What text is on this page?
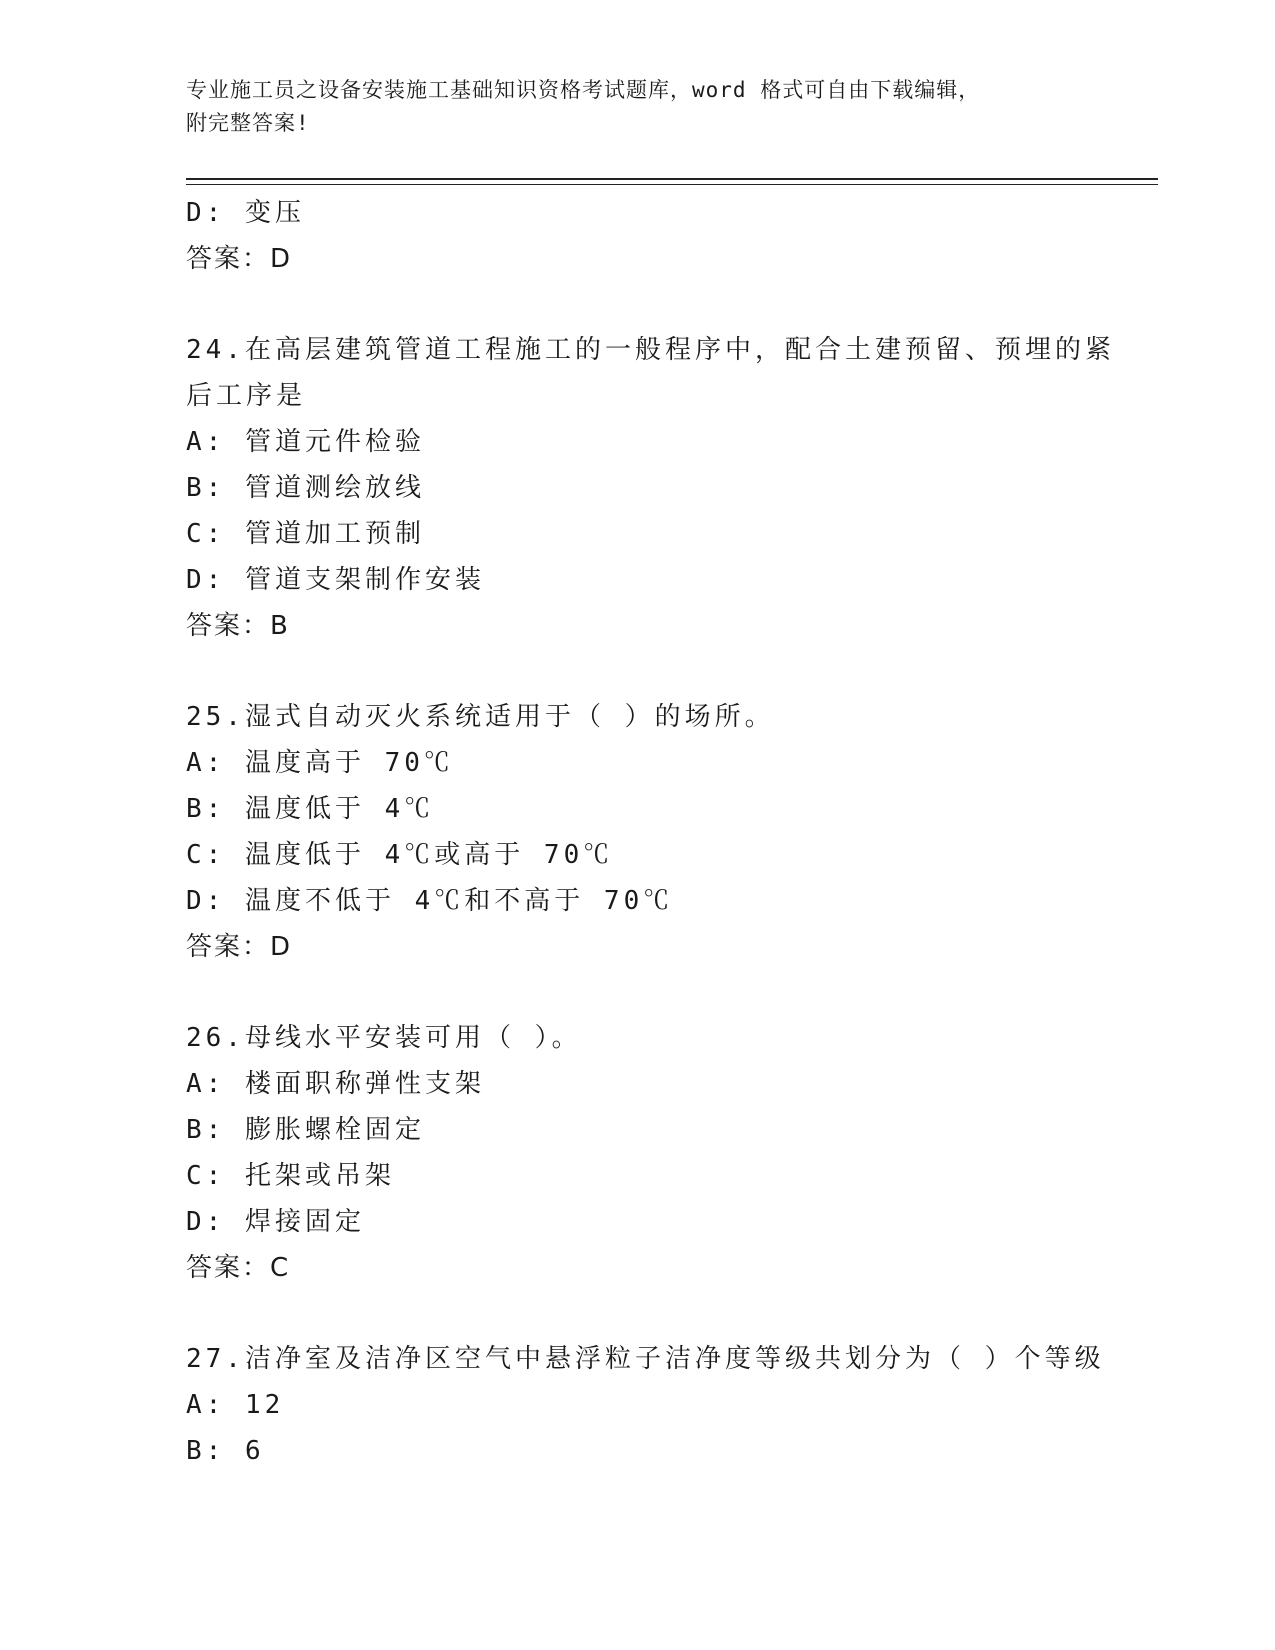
专业施工员之设备安装施工基础知识资格考试题库，word 格式可自由下载编辑，
附完整答案!
D: 变压
答案：D
24.在高层建筑管道工程施工的一般程序中，配合土建预留、预埋的紧
后工序是
A: 管道元件检验
B: 管道测绘放线
C: 管道加工预制
D: 管道支架制作安装
答案：B
25.湿式自动灭火系统适用于（ ）的场所。
A: 温度高于 70℃
B: 温度低于 4℃
C: 温度低于 4℃或高于 70℃
D: 温度不低于 4℃和不高于 70℃
答案：D
26.母线水平安装可用（ ）。
A: 楼面职称弹性支架
B: 膨胀螺栓固定
C: 托架或吊架
D: 焊接固定
答案：C
27.洁净室及洁净区空气中悬浮粒子洁净度等级共划分为（ ）个等级
A: 12
B: 6
